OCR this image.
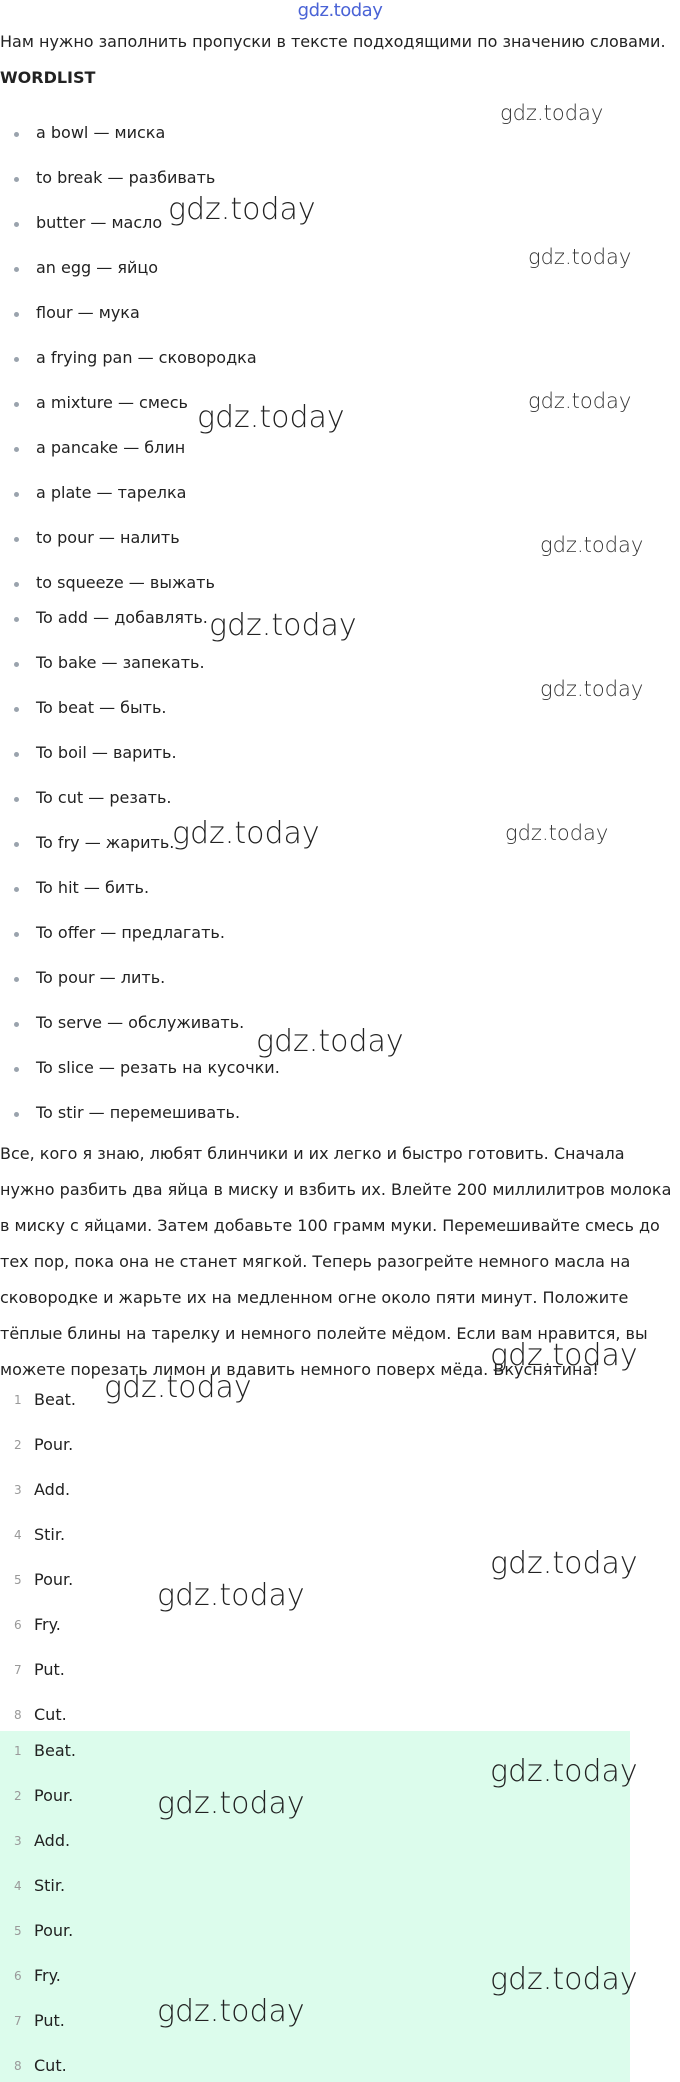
gdz.today
Нам нужно заполнить пропуски в тексте подходящими по значению словами.
WORDLIST
a bowl — миска
to break — разбивать
butter — масло
an egg — яйцо
flour — мука
a frying pan — сковородка
a mixture — смесь
a pancake — блин
a plate — тарелка
to pour — налить
to squeeze — выжать
To add — добавлять.
To bake — запекать.
To beat — быть.
To boil — варить.
To cut — резать.
To fry — жарить.
To hit — бить.
To offer — предлагать.
To pour — лить.
To serve — обслуживать.
To slice — резать на кусочки.
To stir — перемешивать.
Все, кого я знаю, любят блинчики и их легко и быстро готовить. Сначала нужно разбить два яйца в миску и взбить их. Влейте 200 миллилитров молока в миску с яйцами. Затем добавьте 100 грамм муки. Перемешивайте смесь до тех пор, пока она не станет мягкой. Теперь разогрейте немного масла на сковородке и жарьте их на медленном огне около пяти минут. Положите тёплые блины на тарелку и немного полейте мёдом. Если вам нравится, вы можете порезать лимон и вдавить немного поверх мёда. Вкуснятина!
1 Beat.
2 Pour.
3 Add.
4 Stir.
5 Pour.
6 Fry.
7 Put.
8 Cut.
1 Beat.
2 Pour.
3 Add.
4 Stir.
5 Pour.
6 Fry.
7 Put.
8 Cut.
gdz.today
gdz.today
gdz.today
gdz.today	gdz.today
gdz.today
gdz.today
gdz.today
gdz.today	gdz.today
gdz.today
gdz.today
gdz.today
gdz.today
gdz.today
gdz.today
gdz.today
gdz.today
gdz.today
